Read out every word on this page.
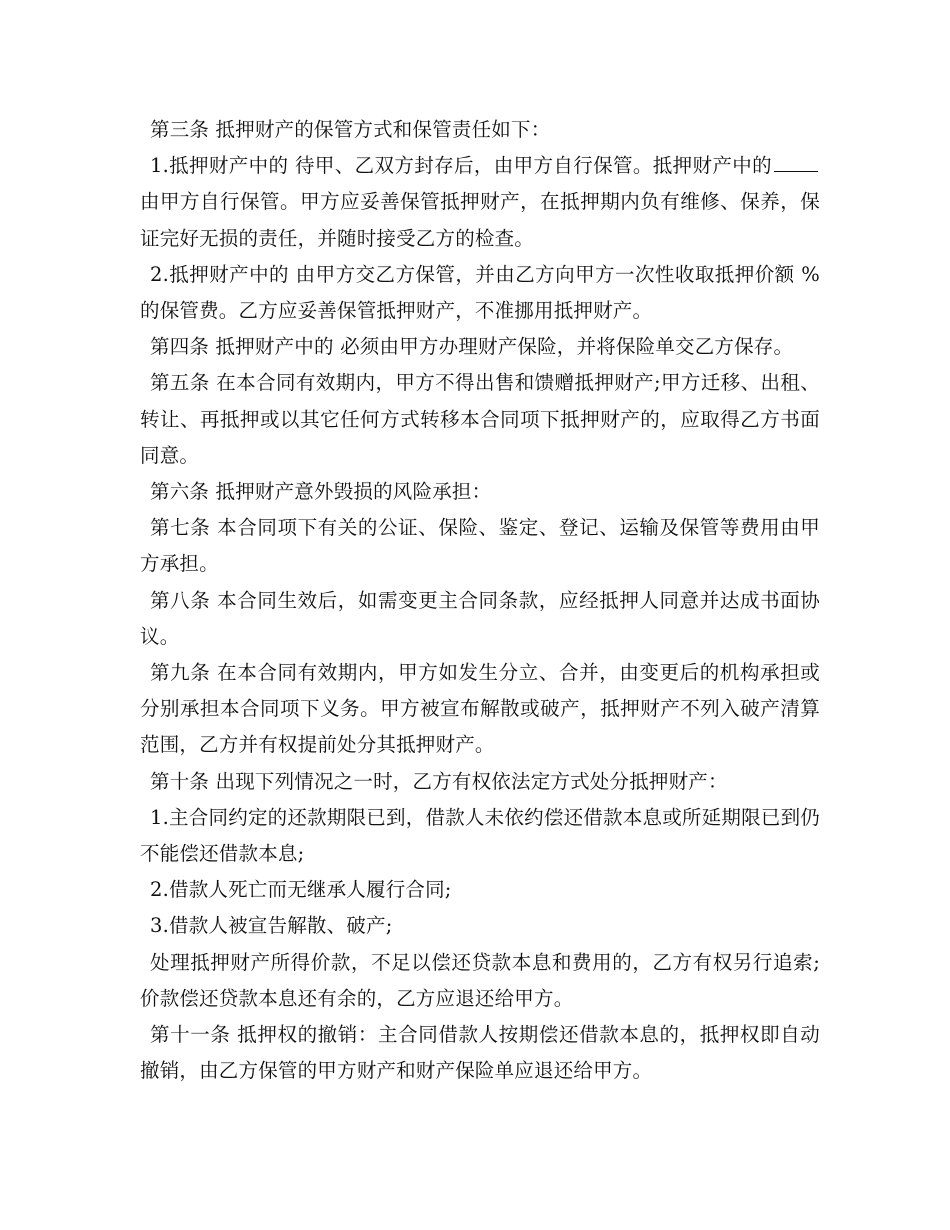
第三条 抵押财产的保管方式和保管责任如下：

1.抵押财产中的 待甲、乙双方封存后，由甲方自行保管。抵押财产中的由甲方自行保管。甲方应妥善保管抵押财产，在抵押期内负有维修、保养，保证完好无损的责任，并随时接受乙方的检查。

2.抵押财产中的 由甲方交乙方保管，并由乙方向甲方一次性收取抵押价额 %的保管费。乙方应妥善保管抵押财产，不准挪用抵押财产。

第四条 抵押财产中的 必须由甲方办理财产保险，并将保险单交乙方保存。

第五条 在本合同有效期内，甲方不得出售和馈赠抵押财产;甲方迁移、出租、转让、再抵押或以其它任何方式转移本合同项下抵押财产的，应取得乙方书面同意。

第六条 抵押财产意外毁损的风险承担：

第七条 本合同项下有关的公证、保险、鉴定、登记、运输及保管等费用由甲方承担。

第八条 本合同生效后，如需变更主合同条款，应经抵押人同意并达成书面协议。

第九条 在本合同有效期内，甲方如发生分立、合并，由变更后的机构承担或分别承担本合同项下义务。甲方被宣布解散或破产，抵押财产不列入破产清算范围，乙方并有权提前处分其抵押财产。

第十条 出现下列情况之一时，乙方有权依法定方式处分抵押财产：

1.主合同约定的还款期限已到，借款人未依约偿还借款本息或所延期限已到仍不能偿还借款本息;

2.借款人死亡而无继承人履行合同;

3.借款人被宣告解散、破产;

处理抵押财产所得价款，不足以偿还贷款本息和费用的，乙方有权另行追索;价款偿还贷款本息还有余的，乙方应退还给甲方。

第十一条 抵押权的撤销：主合同借款人按期偿还借款本息的，抵押权即自动撤销，由乙方保管的甲方财产和财产保险单应退还给甲方。
